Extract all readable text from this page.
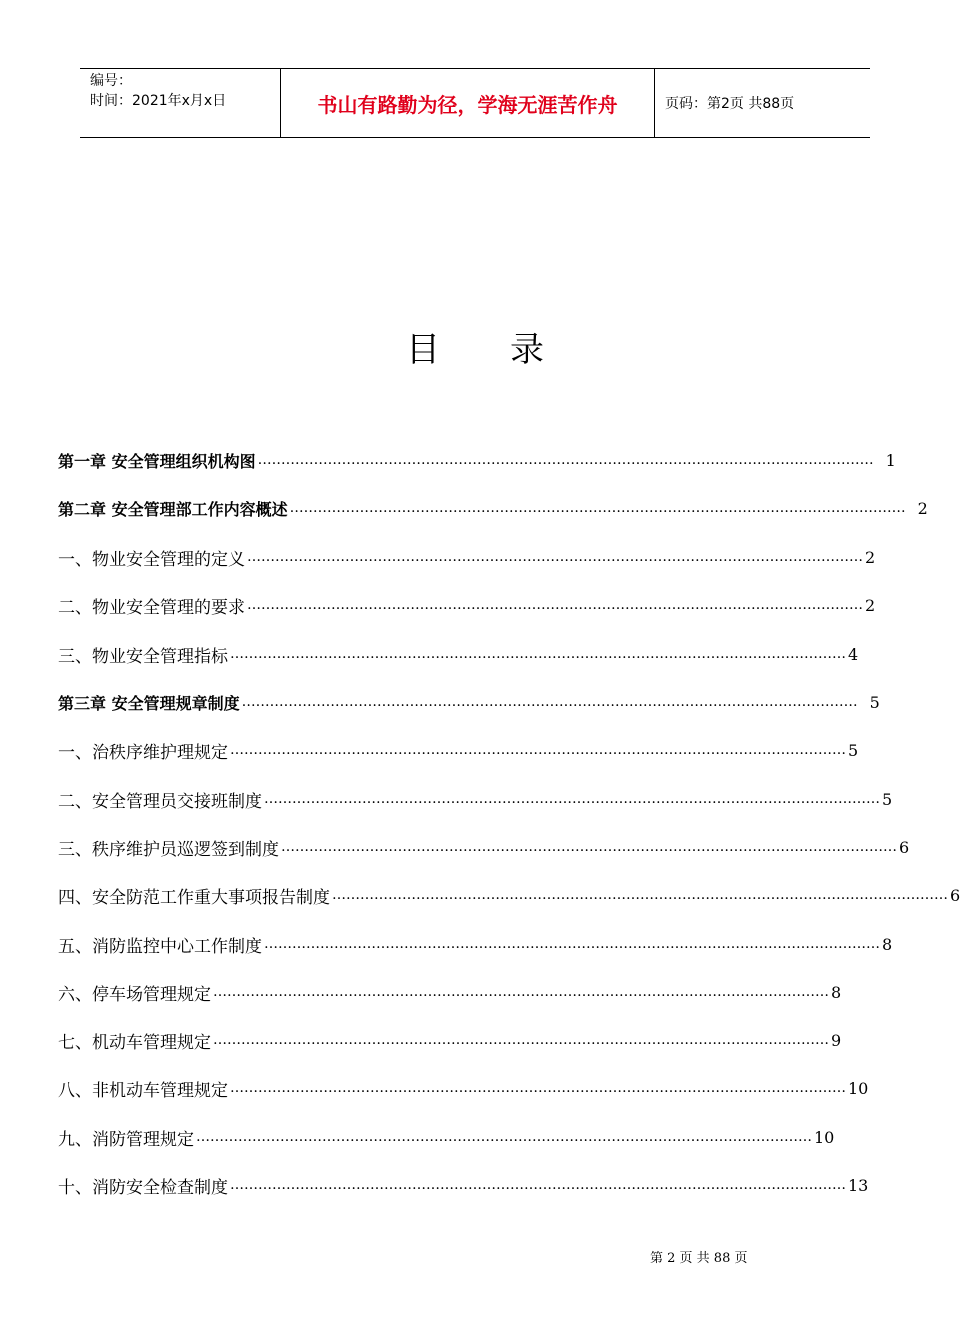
编号：
时间：2021年x月x日	书山有路勤为径，学海无涯苦作舟	页码：第2页 共88页
目 录
第一章 安全管理组织机构图 …………………………………………………………………………………………………………………… 1
第二章 安全管理部工作内容概述 …………………………………………………………………………………………………………………… 2
一、物业安全管理的定义 …………………………………………………………………………………………………………………… 2
二、物业安全管理的要求 …………………………………………………………………………………………………………………… 2
三、物业安全管理指标 …………………………………………………………………………………………………………………… 4
第三章 安全管理规章制度 …………………………………………………………………………………………………………………… 5
一、治秩序维护理规定 …………………………………………………………………………………………………………………… 5
二、安全管理员交接班制度 …………………………………………………………………………………………………………………… 5
三、秩序维护员巡逻签到制度 …………………………………………………………………………………………………………………… 6
四、安全防范工作重大事项报告制度 …………………………………………………………………………………………………………………… 6
五、消防监控中心工作制度 …………………………………………………………………………………………………………………… 8
六、停车场管理规定 …………………………………………………………………………………………………………………… 8
七、机动车管理规定 …………………………………………………………………………………………………………………… 9
八、非机动车管理规定 …………………………………………………………………………………………………………………… 10
九、消防管理规定 …………………………………………………………………………………………………………………… 10
十、消防安全检查制度 …………………………………………………………………………………………………………………… 13
第 2 页 共 88 页
